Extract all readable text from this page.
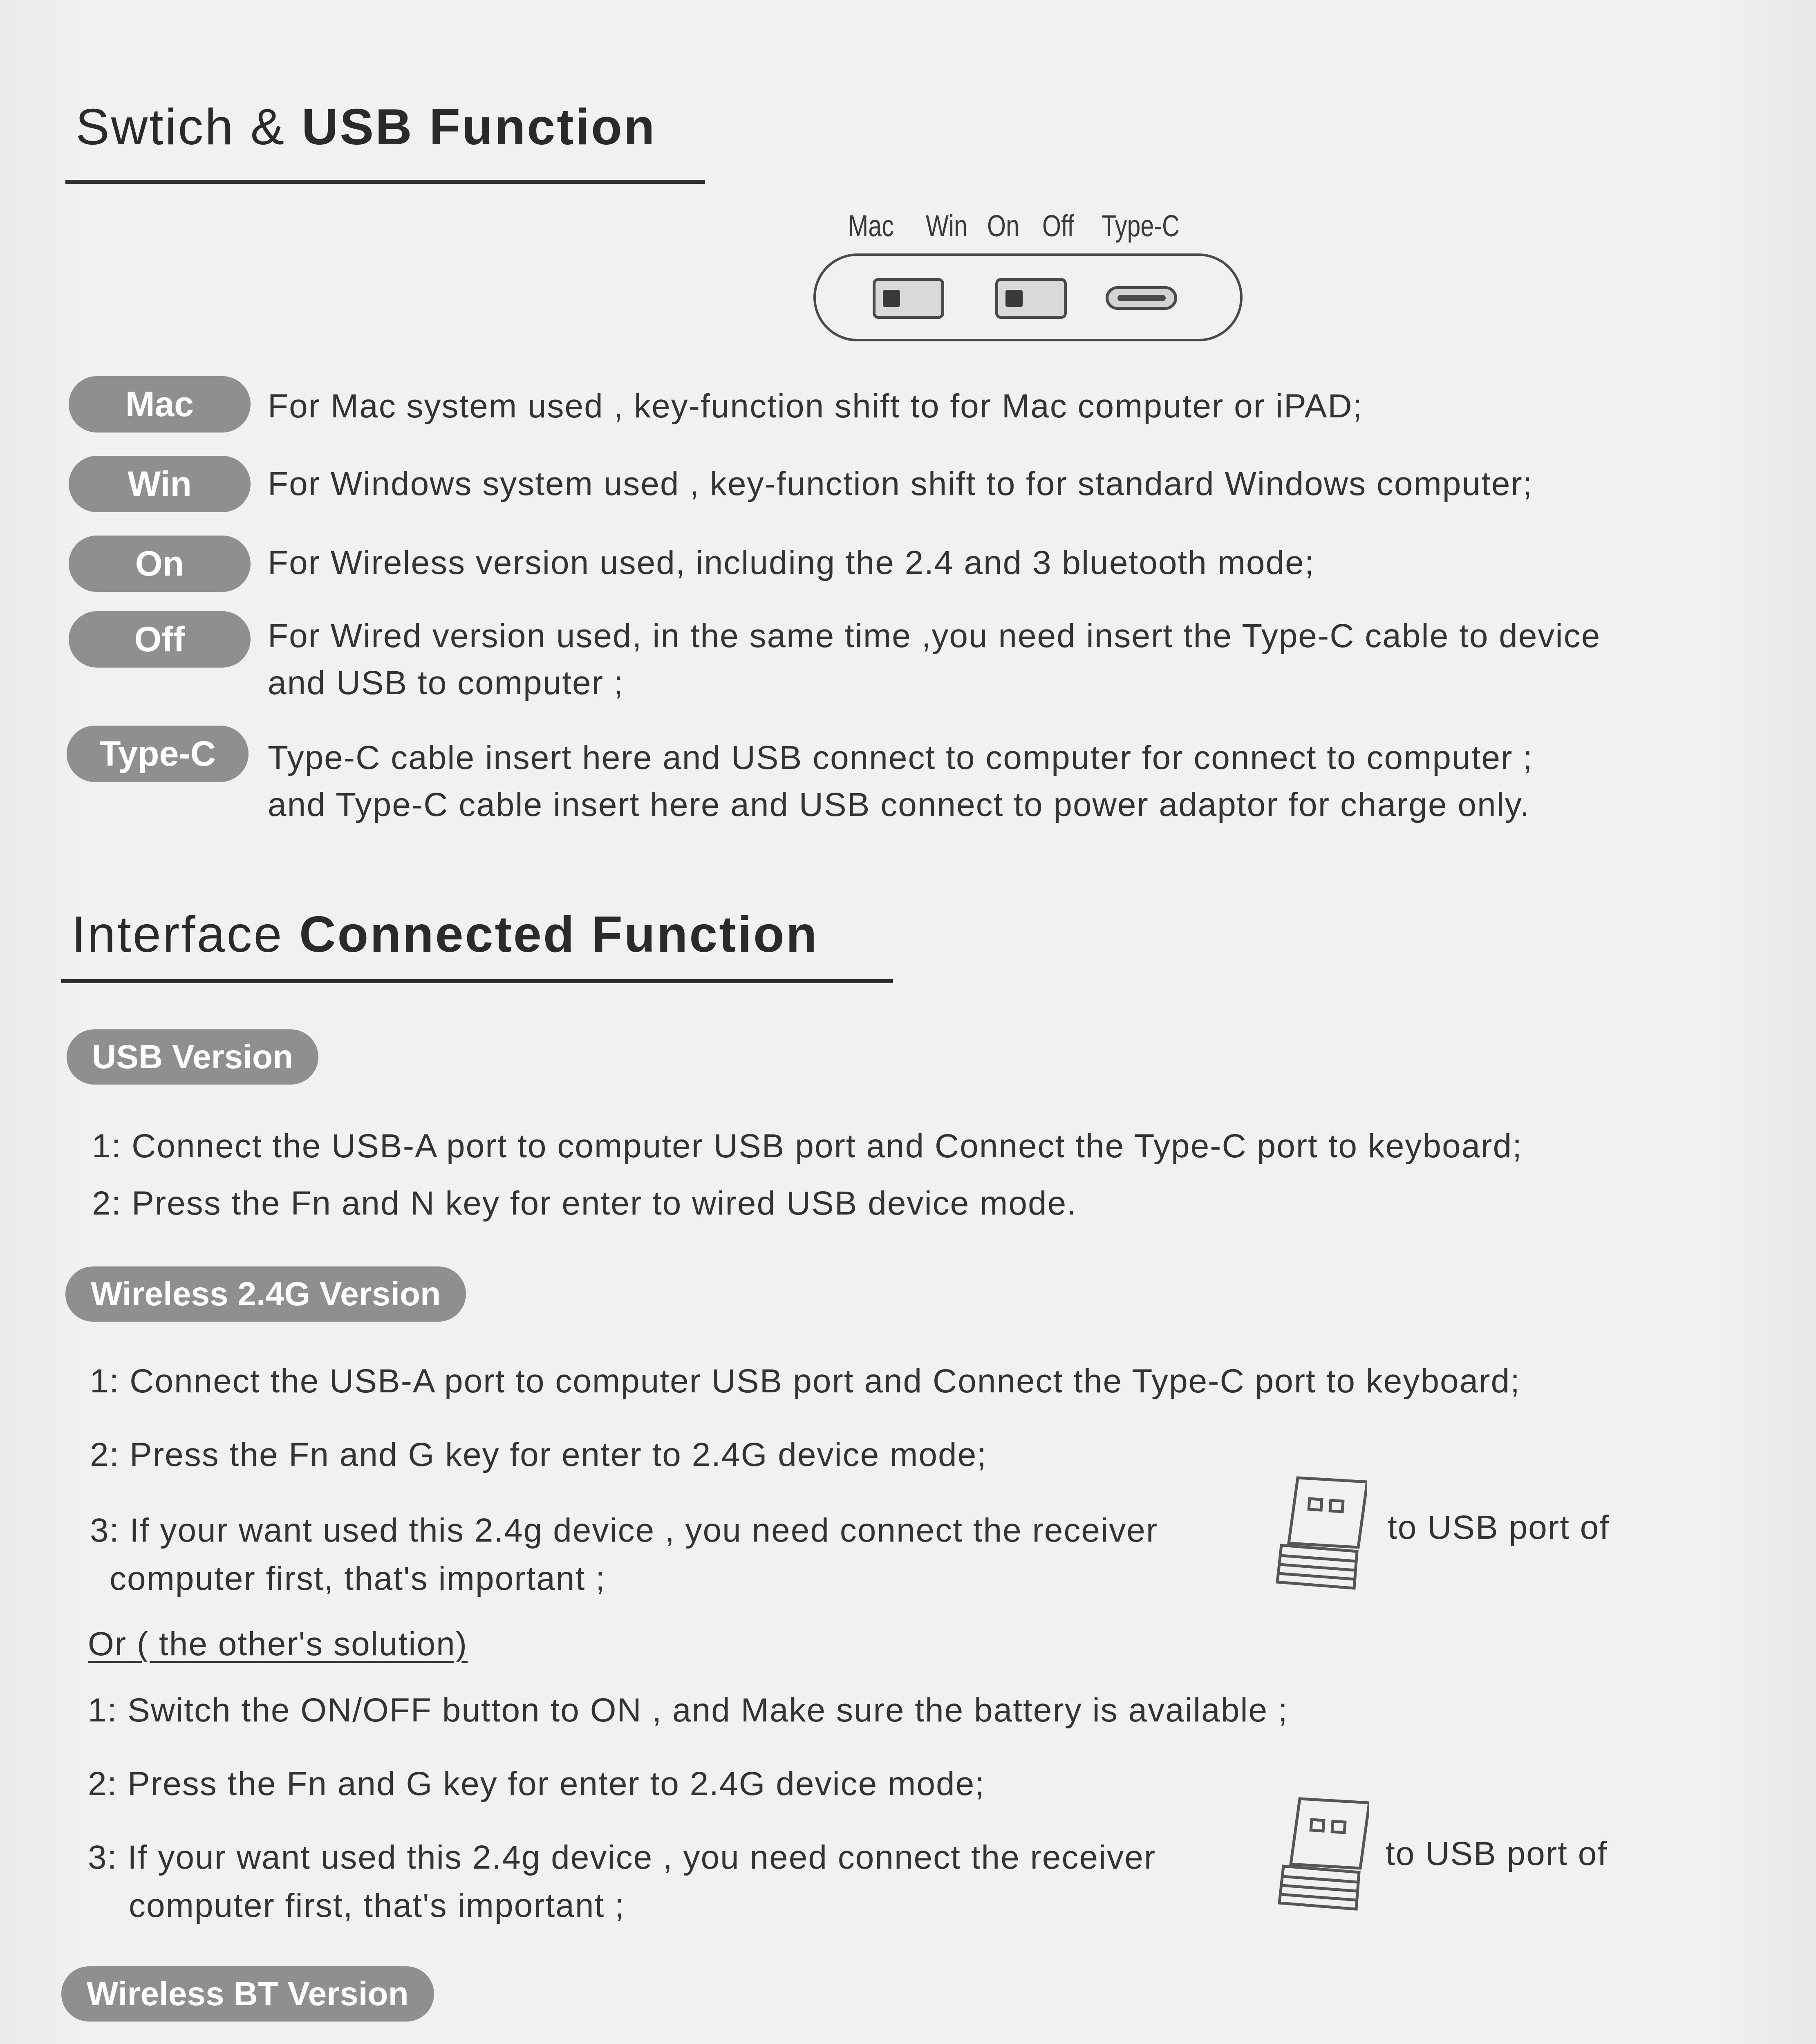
Swtich & USB Function
Mac Win On Off Type-C
Mac	For Mac system used , key-function shift to for Mac computer or iPAD;

Win	For Windows system used , key-function shift to for standard Windows computer;

On	For Wireless version used, including the 2.4 and 3 bluetooth mode;

Off	For Wired version used, in the same time ,you need insert the Type-C cable to device

and USB to computer ;

Type-C	Type-C cable insert here and USB connect to computer for connect to computer ;

and Type-C cable insert here and USB connect to power adaptor for charge only.

Interface Connected Function
USB Version
1: Connect the USB-A port to computer USB port and Connect the Type-C port to keyboard;
2: Press the Fn and N key for enter to wired USB device mode.
Wireless 2.4G Version
1: Connect the USB-A port to computer USB port and Connect the Type-C port to keyboard;
2: Press the Fn and G key for enter to 2.4G device mode;
3: If your want used this 2.4g device , you need connect the receiver
computer first, that's important ;
to USB port of
Or ( the other's solution)
1: Switch the ON/OFF button to ON , and Make sure the battery is available ;
2: Press the Fn and G key for enter to 2.4G device mode;
3: If your want used this 2.4g device , you need connect the receiver
computer first, that's important ;
to USB port of
Wireless BT Version
